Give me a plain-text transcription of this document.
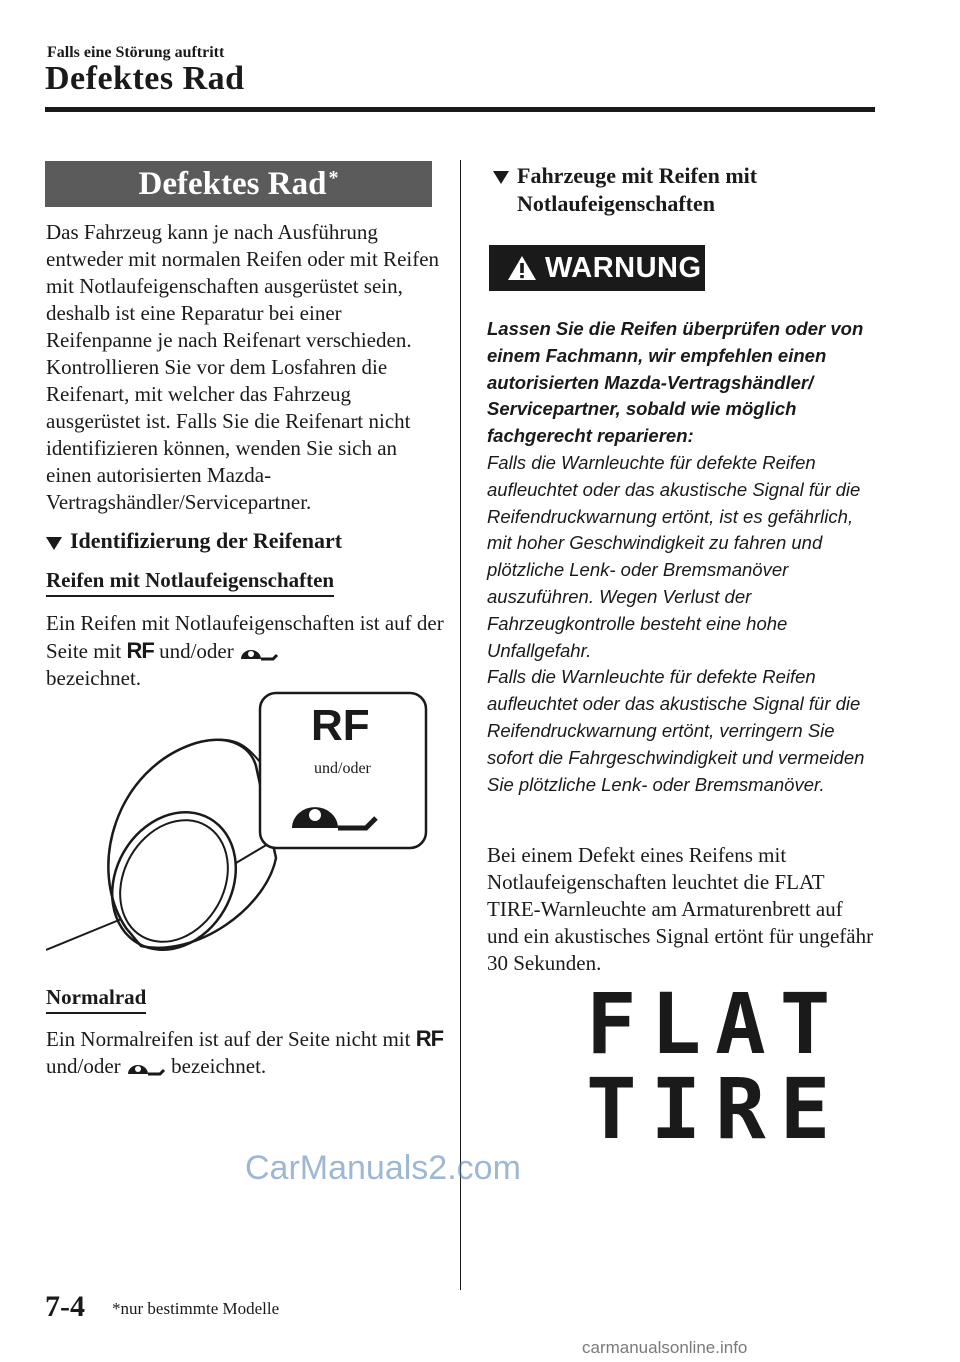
Falls eine Störung auftritt
Defektes Rad
Defektes Rad*
Das Fahrzeug kann je nach Ausführung entweder mit normalen Reifen oder mit Reifen mit Notlaufeigenschaften ausgerüstet sein, deshalb ist eine Reparatur bei einer Reifenpanne je nach Reifenart verschieden. Kontrollieren Sie vor dem Losfahren die Reifenart, mit welcher das Fahrzeug ausgerüstet ist. Falls Sie die Reifenart nicht identifizieren können, wenden Sie sich an einen autorisierten Mazda-Vertragshändler/Servicepartner.
Identifizierung der Reifenart
Reifen mit Notlaufeigenschaften
Ein Reifen mit Notlaufeigenschaften ist auf der Seite mit RF und/oder
bezeichnet.
RF
und/oder
Normalrad
Ein Normalreifen ist auf der Seite nicht mit RF und/oder bezeichnet.
Fahrzeuge mit Reifen mit Notlaufeigenschaften
WARNUNG

Lassen Sie die Reifen überprüfen oder von einem Fachmann, wir empfehlen einen autorisierten Mazda-Vertragshändler/ Servicepartner, sobald wie möglich fachgerecht reparieren:

Falls die Warnleuchte für defekte Reifen aufleuchtet oder das akustische Signal für die Reifendruckwarnung ertönt, ist es gefährlich, mit hoher Geschwindigkeit zu fahren und plötzliche Lenk- oder Bremsmanöver auszuführen. Wegen Verlust der Fahrzeugkontrolle besteht eine hohe Unfallgefahr.

Falls die Warnleuchte für defekte Reifen aufleuchtet oder das akustische Signal für die Reifendruckwarnung ertönt, verringern Sie sofort die Fahrgeschwindigkeit und vermeiden Sie plötzliche Lenk- oder Bremsmanöver.

Bei einem Defekt eines Reifens mit Notlaufeigenschaften leuchtet die FLAT TIRE-Warnleuchte am Armaturenbrett auf und ein akustisches Signal ertönt für ungefähr 30 Sekunden.
FLAT
TIRE
CarManuals2.com
7-4 *nur bestimmte Modelle
carmanualsonline.info
